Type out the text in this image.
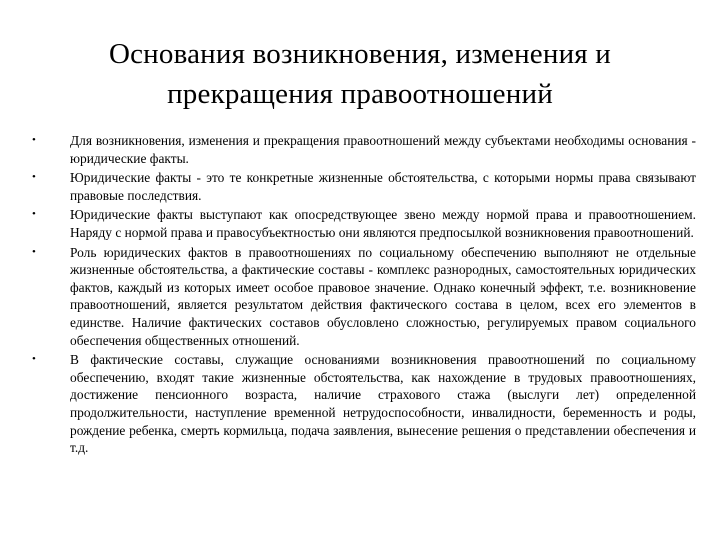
Основания возникновения, изменения и прекращения правоотношений
•	Для возникновения, изменения и прекращения правоотношений между субъектами необходимы основания - юридические факты.
•	Юридические факты - это те конкретные жизненные обстоятельства, с которыми нормы права связывают правовые последствия.
•	Юридические факты выступают как опосредствующее звено между нормой права и правоотношением. Наряду с нормой права и правосубъектностью они являются предпосылкой возникновения правоотношений.
•	Роль юридических фактов в правоотношениях по социальному обеспечению выполняют не отдельные жизненные обстоятельства, а фактические составы - комплекс разнородных, самостоятельных юридических фактов, каждый из которых имеет особое правовое значение. Однако конечный эффект, т.е. возникновение правоотношений, является результатом действия фактического состава в целом, всех его элементов в единстве. Наличие фактических составов обусловлено сложностью, регулируемых правом социального обеспечения общественных отношений.
•	В фактические составы, служащие основаниями возникновения правоотношений по социальному обеспечению, входят такие жизненные обстоятельства, как нахождение в трудовых правоотношениях, достижение пенсионного возраста, наличие страхового стажа (выслуги лет) определенной продолжительности, наступление временной нетрудоспособности, инвалидности, беременность и роды, рождение ребенка, смерть кормильца, подача заявления, вынесение решения о представлении обеспечения и т.д.
